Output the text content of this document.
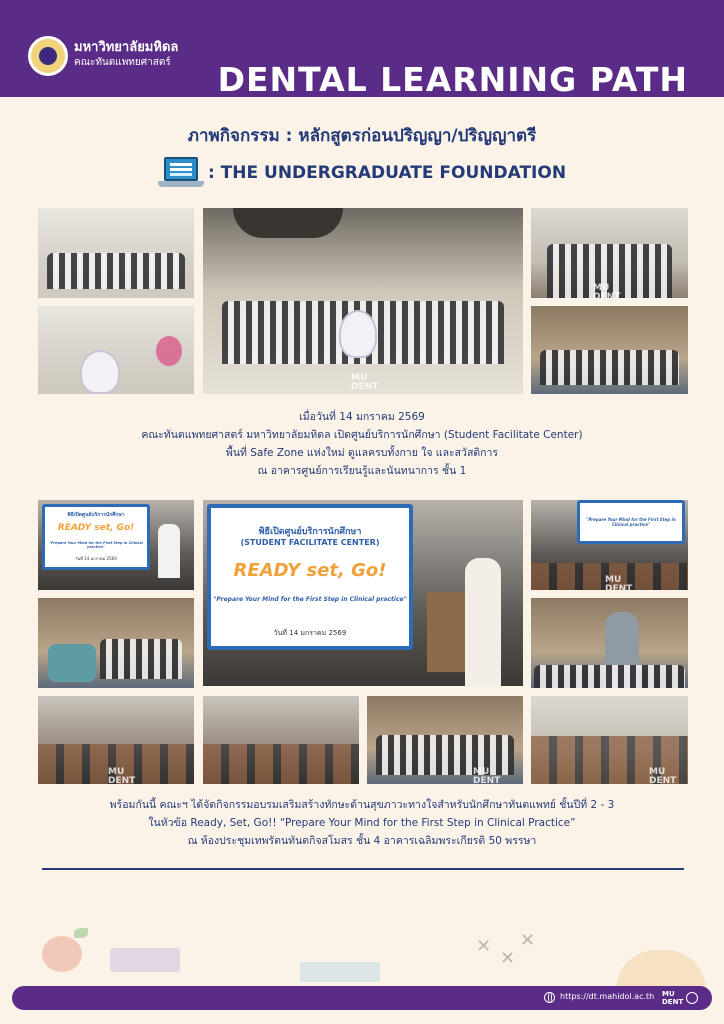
มหาวิทยาลัยมหิดล
คณะทันตแพทยศาสตร์ DENTAL LEARNING PATH
ภาพกิจกรรม : หลักสูตรก่อนปริญญา/ปริญญาตรี
: THE UNDERGRADUATE FOUNDATION
MU
DENT
MU
DENT
เมื่อวันที่ 14 มกราคม 2569
คณะทันตแพทยศาสตร์ มหาวิทยาลัยมหิดล เปิดศูนย์บริการนักศึกษา (Student Facilitate Center)
พื้นที่ Safe Zone แห่งใหม่ ดูแลครบทั้งกาย ใจ และสวัสดิการ
ณ อาคารศูนย์การเรียนรู้และนันทนาการ ชั้น 1
พิธีเปิดศูนย์บริการนักศึกษา
READY set, Go!
"Prepare Your Mind for the First Step in Clinical practice"
วันที่ 14 มกราคม 2569
พิธีเปิดศูนย์บริการนักศึกษา
(STUDENT FACILITATE CENTER)
READY set, Go!
"Prepare Your Mind for the First Step in Clinical practice"
วันที่ 14 มกราคม 2569
"Prepare Your Mind for the First Step in Clinical practice"
MU
DENT
MU
DENT
MU
DENT
MU
DENT
พร้อมกันนี้ คณะฯ ได้จัดกิจกรรมอบรมเสริมสร้างทักษะด้านสุขภาวะทางใจสำหรับนักศึกษาทันตแพทย์ ชั้นปีที่ 2 - 3
ในหัวข้อ Ready, Set, Go!! “Prepare Your Mind for the First Step in Clinical Practice”
ณ ห้องประชุมเทพรัตนทันตกิจสโมสร ชั้น 4 อาคารเฉลิมพระเกียรติ 50 พรรษา
✕
✕
✕
https://dt.mahidol.ac.th MU
DENT
